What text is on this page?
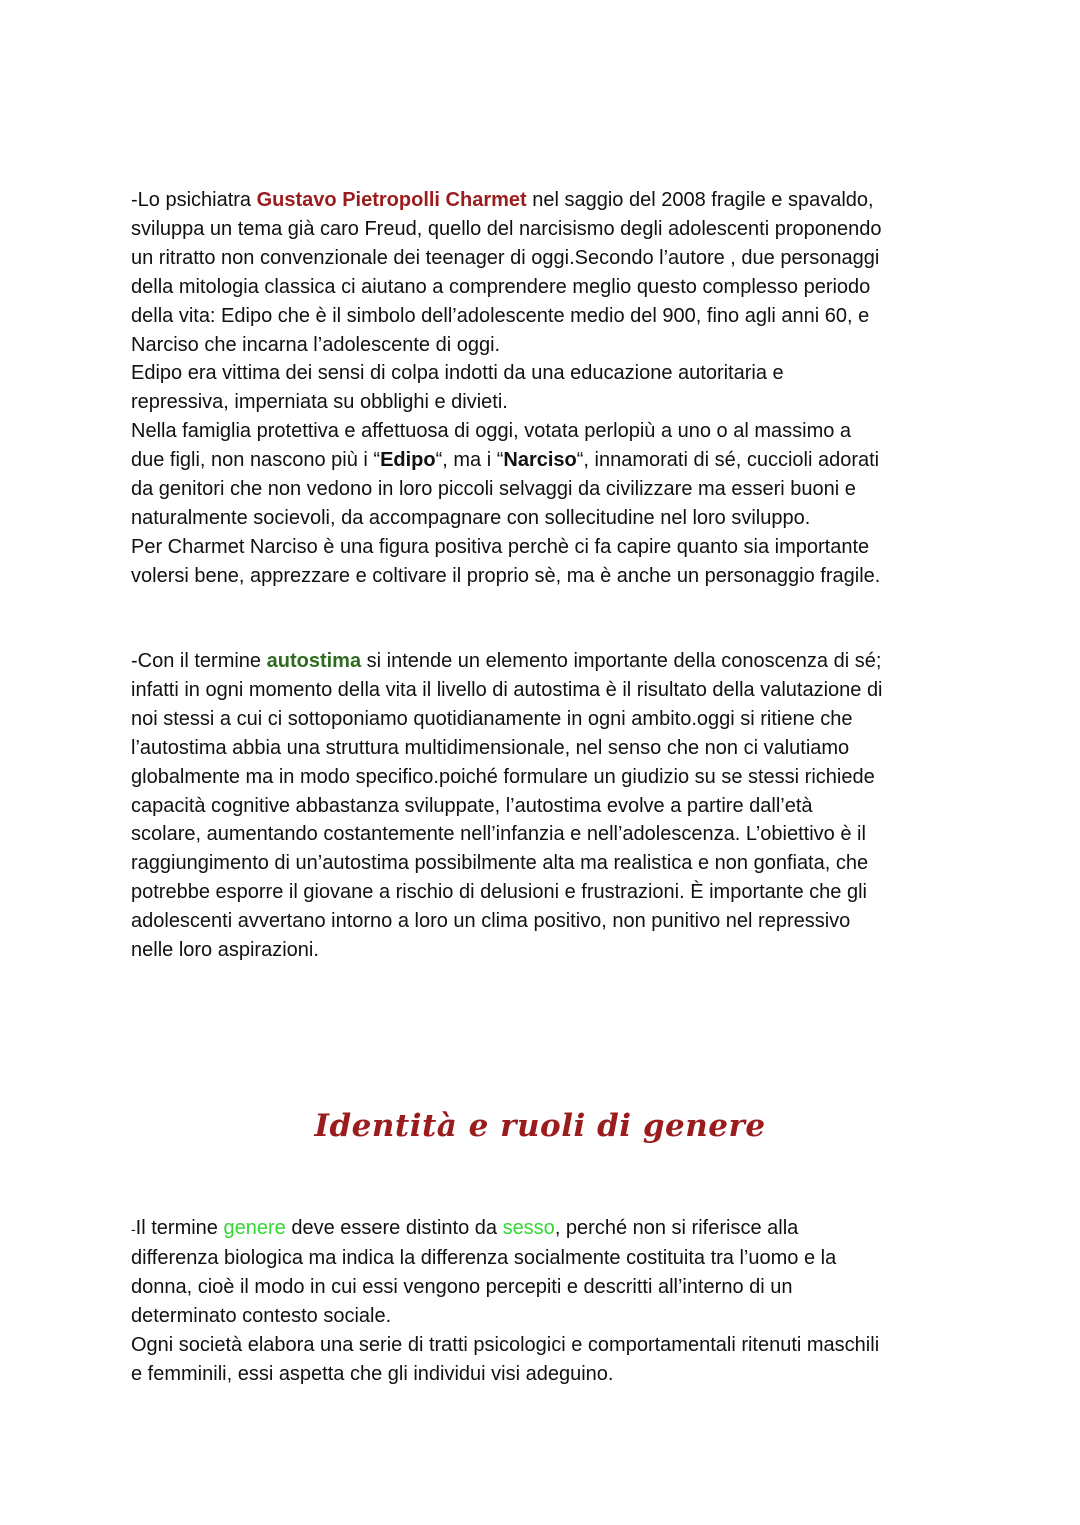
-Lo psichiatra Gustavo Pietropolli Charmet nel saggio del 2008 fragile e spavaldo,
sviluppa un tema già caro Freud, quello del narcisismo degli adolescenti proponendo
un ritratto non convenzionale dei teenager di oggi.Secondo l’autore , due personaggi
della mitologia classica ci aiutano a comprendere meglio questo complesso periodo
della vita: Edipo che è il simbolo dell’adolescente medio del 900, fino agli anni 60, e
Narciso che incarna l’adolescente di oggi.
Edipo era vittima dei sensi di colpa indotti da una educazione autoritaria e
repressiva, imperniata su obblighi e divieti.
Nella famiglia protettiva e affettuosa di oggi, votata perlopiù a uno o al massimo a
due figli, non nascono più i “Edipo“, ma i “Narciso“, innamorati di sé, cuccioli adorati
da genitori che non vedono in loro piccoli selvaggi da civilizzare ma esseri buoni e
naturalmente socievoli, da accompagnare con sollecitudine nel loro sviluppo.
Per Charmet Narciso è una figura positiva perchè ci fa capire quanto sia importante
volersi bene, apprezzare e coltivare il proprio sè, ma è anche un personaggio fragile.
-Con il termine autostima si intende un elemento importante della conoscenza di sé;
infatti in ogni momento della vita il livello di autostima è il risultato della valutazione di
noi stessi a cui ci sottoponiamo quotidianamente in ogni ambito.oggi si ritiene che
l’autostima abbia una struttura multidimensionale, nel senso che non ci valutiamo
globalmente ma in modo specifico.poiché formulare un giudizio su se stessi richiede
capacità cognitive abbastanza sviluppate, l’autostima evolve a partire dall’età
scolare, aumentando costantemente nell’infanzia e nell’adolescenza. L’obiettivo è il
raggiungimento di un’autostima possibilmente alta ma realistica e non gonfiata, che
potrebbe esporre il giovane a rischio di delusioni e frustrazioni. È importante che gli
adolescenti avvertano intorno a loro un clima positivo, non punitivo nel repressivo
nelle loro aspirazioni.
Identità e ruoli di genere
-Il termine genere deve essere distinto da sesso, perché non si riferisce alla
differenza biologica ma indica la differenza socialmente costituita tra l’uomo e la
donna, cioè il modo in cui essi vengono percepiti e descritti all’interno di un
determinato contesto sociale.
Ogni società elabora una serie di tratti psicologici e comportamentali ritenuti maschili
e femminili, essi aspetta che gli individui visi adeguino.
